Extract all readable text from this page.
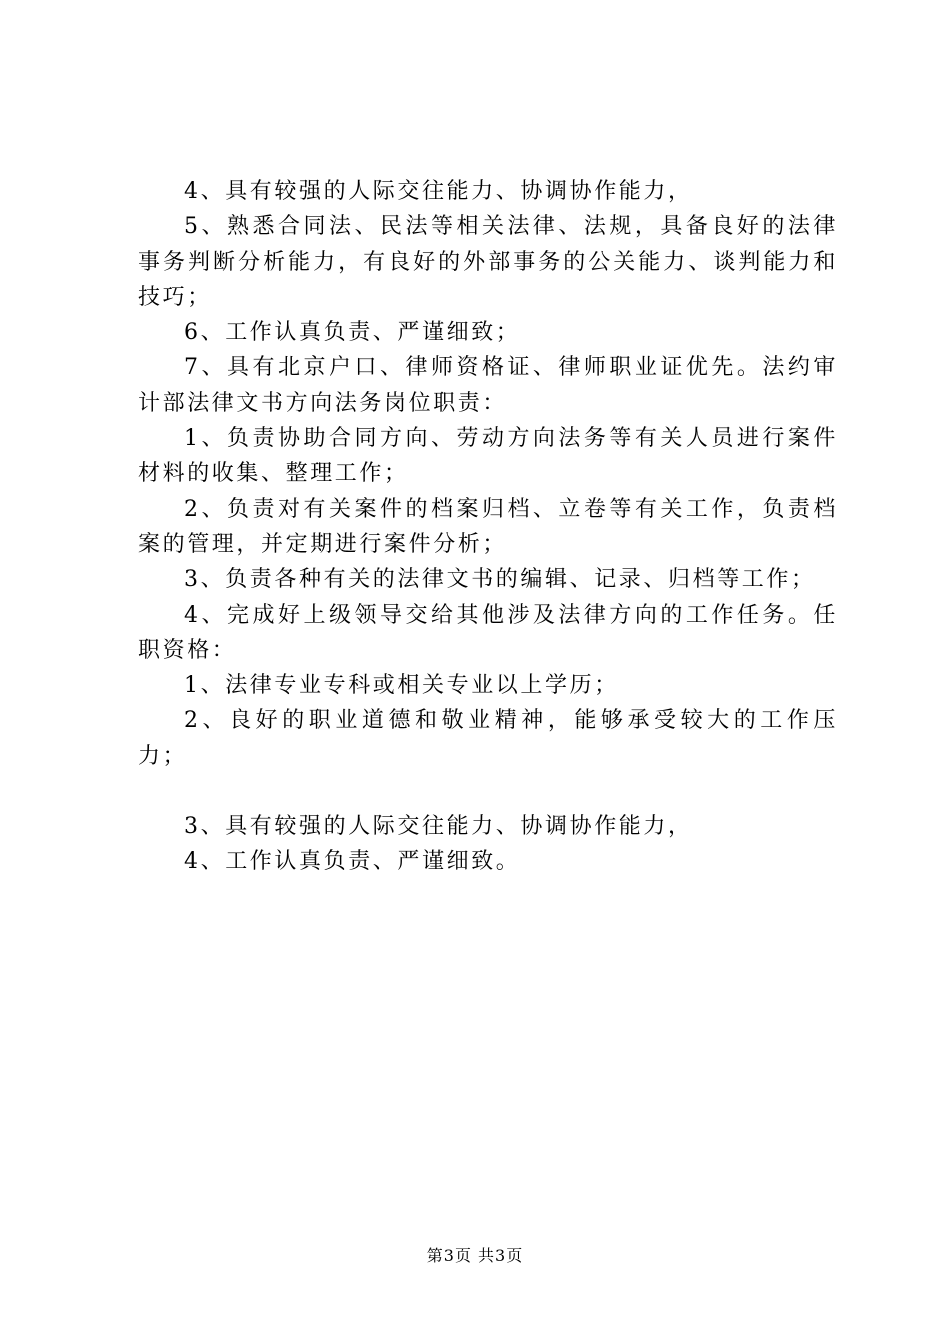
4、具有较强的人际交往能力、协调协作能力，

5、熟悉合同法、民法等相关法律、法规，具备良好的法律事务判断分析能力，有良好的外部事务的公关能力、谈判能力和技巧；

6、工作认真负责、严谨细致；

7、具有北京户口、律师资格证、律师职业证优先。法约审计部法律文书方向法务岗位职责：

1、负责协助合同方向、劳动方向法务等有关人员进行案件材料的收集、整理工作；

2、负责对有关案件的档案归档、立卷等有关工作，负责档案的管理，并定期进行案件分析；

3、负责各种有关的法律文书的编辑、记录、归档等工作；

4、完成好上级领导交给其他涉及法律方向的工作任务。任职资格：

1、法律专业专科或相关专业以上学历；

2、良好的职业道德和敬业精神，能够承受较大的工作压力；

3、具有较强的人际交往能力、协调协作能力，

4、工作认真负责、严谨细致。

第3页 共3页
